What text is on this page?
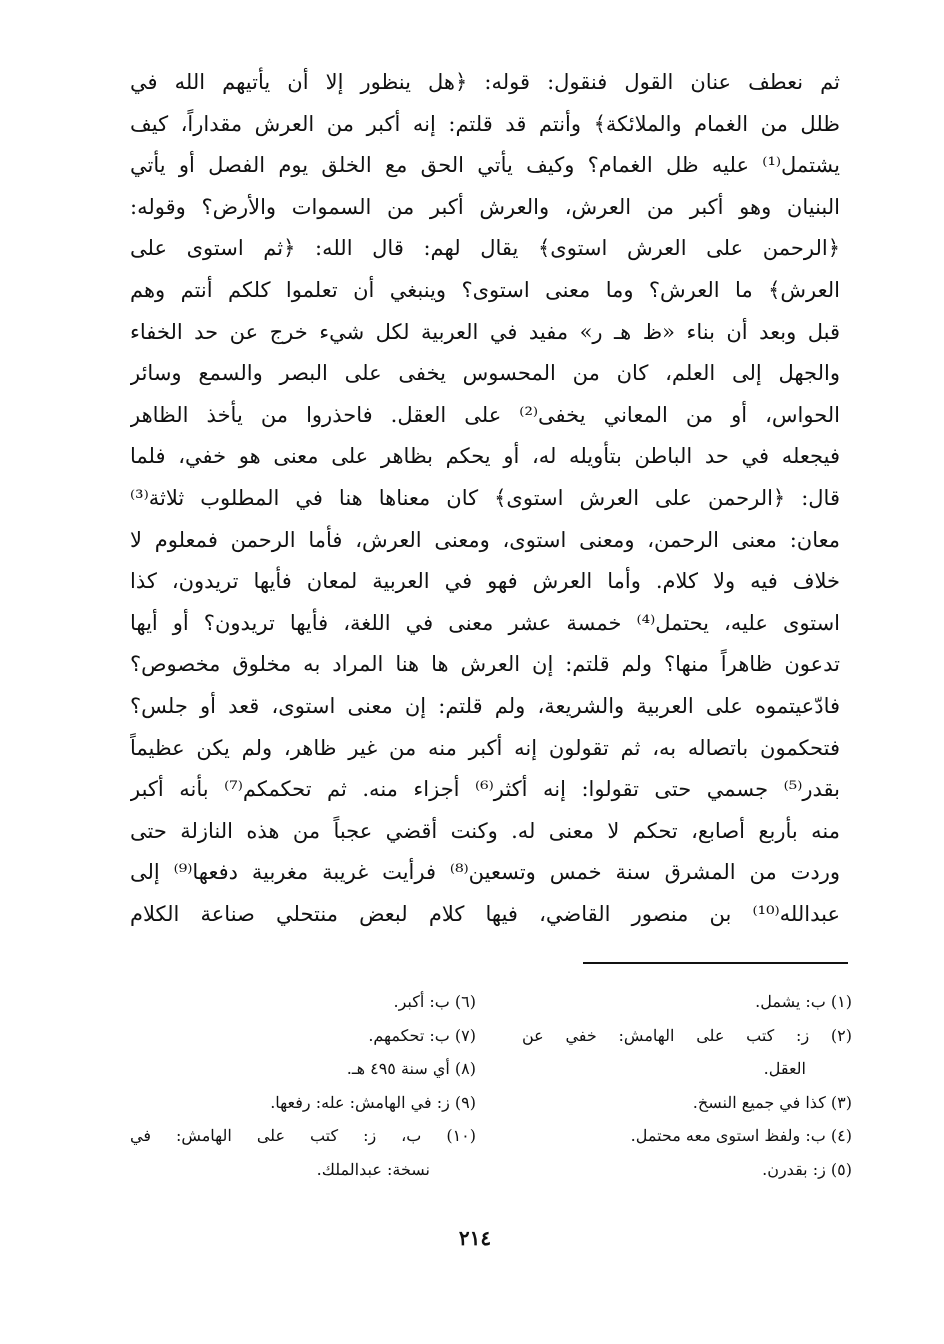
ثم نعطف عنان القول فنقول: قوله: ﴿هل ينظور إلا أن يأتيهم الله في
ظلل من الغمام والملائكة﴾ وأنتم قد قلتم: إنه أكبر من العرش مقداراً، كيف
يشتمل⁽¹⁾ عليه ظل الغمام؟ وكيف يأتي الحق مع الخلق يوم الفصل أو يأتي
البنيان وهو أكبر من العرش، والعرش أكبر من السموات والأرض؟ وقوله:
﴿الرحمن على العرش استوى﴾ يقال لهم: قال الله: ﴿ثم استوى على
العرش﴾ ما العرش؟ وما معنى استوى؟ وينبغي أن تعلموا كلكم أنتم وهم
قبل وبعد أن بناء «ظ هـ ر» مفيد في العربية لكل شيء خرج عن حد الخفاء
والجهل إلى العلم، كان من المحسوس يخفى على البصر والسمع وسائر
الحواس، أو من المعاني يخفى⁽²⁾ على العقل. فاحذروا من يأخذ الظاهر
فيجعله في حد الباطن بتأويله له، أو يحكم بظاهر على معنى هو خفي، فلما
قال: ﴿الرحمن على العرش استوى﴾ كان معناها هنا في المطلوب ثلاثة⁽³⁾
معان: معنى الرحمن، ومعنى استوى، ومعنى العرش، فأما الرحمن فمعلوم لا
خلاف فيه ولا كلام. وأما العرش فهو في العربية لمعان فأيها تريدون، كذا
استوى عليه، يحتمل⁽⁴⁾ خمسة عشر معنى في اللغة، فأيها تريدون؟ أو أيها
تدعون ظاهراً منها؟ ولم قلتم: إن العرش ها هنا المراد به مخلوق مخصوص؟
فادّعيتموه على العربية والشريعة، ولم قلتم: إن معنى استوى، قعد أو جلس؟
فتحكمون باتصاله به، ثم تقولون إنه أكبر منه من غير ظاهر، ولم يكن عظيماً
بقدر⁽⁵⁾ جسمي حتى تقولوا: إنه أكثر⁽⁶⁾ أجزاء منه. ثم تحكمكم⁽⁷⁾ بأنه أكبر
منه بأربع أصابع، تحكم لا معنى له. وكنت أقضي عجباً من هذه النازلة حتى
وردت من المشرق سنة خمس وتسعين⁽⁸⁾ فرأيت غريبة مغربية دفعها⁽⁹⁾ إلى
عبدالله⁽¹⁰⁾ بن منصور القاضي، فيها كلام لبعض منتحلي صناعة الكلام
(١) ب: يشمل.
(٢) ز: كتب على الهامش: خفي عن
العقل.
(٣) كذا في جميع النسخ.
(٤) ب: ولفظ استوى معه محتمل.
(٥) ز: بقدرن.
(٦) ب: أكبر.
(٧) ب: تحكمهم.
(٨) أي سنة ٤٩٥ هـ.
(٩) ز: في الهامش: عله: رفعها.
(١٠) ب، ز: كتب على الهامش: في
نسخة: عبدالملك.
٢١٤
